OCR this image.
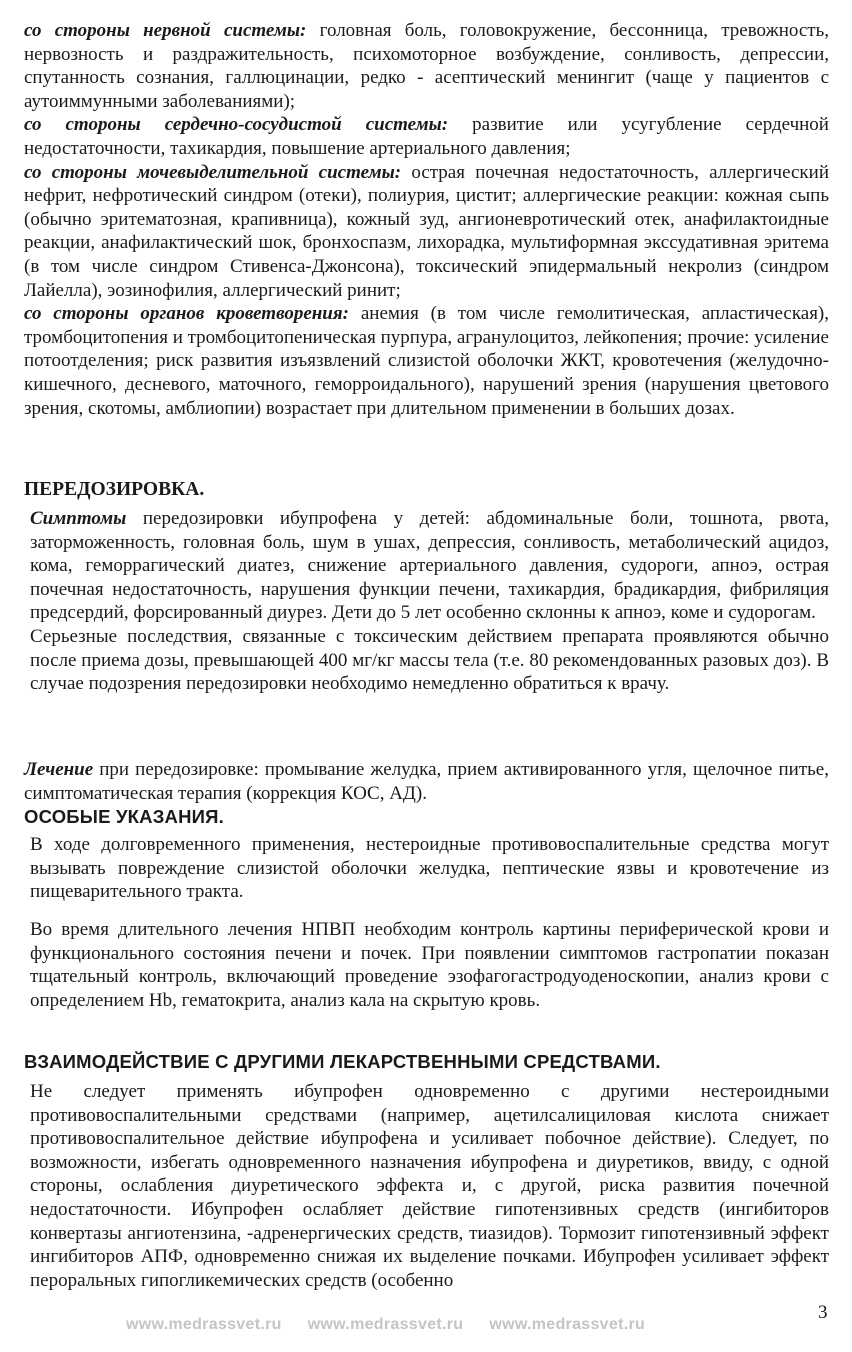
со стороны нервной системы: головная боль, головокружение, бессонница, тревожность, нервозность и раздражительность, психомоторное возбуждение, сонливость, депрессии, спутанность сознания, галлюцинации, редко - асептический менингит (чаще у пациентов с аутоиммунными заболеваниями);

со стороны сердечно-сосудистой системы: развитие или усугубление сердечной недостаточности, тахикардия, повышение артериального давления;

со стороны мочевыделительной системы: острая почечная недостаточность, аллергический нефрит, нефротический синдром (отеки), полиурия, цистит; аллергические реакции: кожная сыпь (обычно эритематозная, крапивница), кожный зуд, ангионевротический отек, анафилактоидные реакции, анафилактический шок, бронхоспазм, лихорадка, мультиформная экссудативная эритема (в том числе синдром Стивенса-Джонсона), токсический эпидермальный некролиз (синдром Лайелла), эозинофилия, аллергический ринит;

со стороны органов кроветворения: анемия (в том числе гемолитическая, апластическая), тромбоцитопения и тромбоцитопеническая пурпура, агранулоцитоз, лейкопения; прочие: усиление потоотделения; риск развития изъязвлений слизистой оболочки ЖКТ, кровотечения (желудочно-кишечного, десневого, маточного, геморроидального), нарушений зрения (нарушения цветового зрения, скотомы, амблиопии) возрастает при длительном применении в больших дозах.

ПЕРЕДОЗИРОВКА.

Симптомы передозировки ибупрофена у детей: абдоминальные боли, тошнота, рвота, заторможенность, головная боль, шум в ушах, депрессия, сонливость, метаболический ацидоз, кома, геморрагический диатез, снижение артериального давления, судороги, апноэ, острая почечная недостаточность, нарушения функции печени, тахикардия, брадикардия, фибриляция предсердий, форсированный диурез. Дети до 5 лет особенно склонны к апноэ, коме и судорогам.

Серьезные последствия, связанные с токсическим действием препарата проявляются обычно после приема дозы, превышающей 400 мг/кг массы тела (т.е. 80 рекомендованных разовых доз). В случае подозрения передозировки необходимо немедленно обратиться к врачу.

Лечение при передозировке: промывание желудка, прием активированного угля, щелочное питье, симптоматическая терапия (коррекция КОС, АД).

ОСОБЫЕ УКАЗАНИЯ.

В ходе долговременного применения, нестероидные противовоспалительные средства могут вызывать повреждение слизистой оболочки желудка, пептические язвы и кровотечение из пищеварительного тракта.

Во время длительного лечения НПВП необходим контроль картины периферической крови и функционального состояния печени и почек. При появлении симптомов гастропатии показан тщательный контроль, включающий проведение эзофагогастродуоденоскопии, анализ крови с определением Hb, гематокрита, анализ кала на скрытую кровь.

ВЗАИМОДЕЙСТВИЕ С ДРУГИМИ ЛЕКАРСТВЕННЫМИ СРЕДСТВАМИ.

Не следует применять ибупрофен одновременно с другими нестероидными противовоспалительными средствами (например, ацетилсалициловая кислота снижает противовоспалительное действие ибупрофена и усиливает побочное действие). Следует, по возможности, избегать одновременного назначения ибупрофена и диуретиков, ввиду, с одной стороны, ослабления диуретического эффекта и, с другой, риска развития почечной недостаточности. Ибупрофен ослабляет действие гипотензивных средств (ингибиторов конвертазы ангиотензина, -адренергических средств, тиазидов). Тормозит гипотензивный эффект ингибиторов АПФ, одновременно снижая их выделение почками. Ибупрофен усиливает эффект пероральных гипогликемических средств (особенно

3
www.medrassvet.ru www.medrassvet.ru www.medrassvet.ru
